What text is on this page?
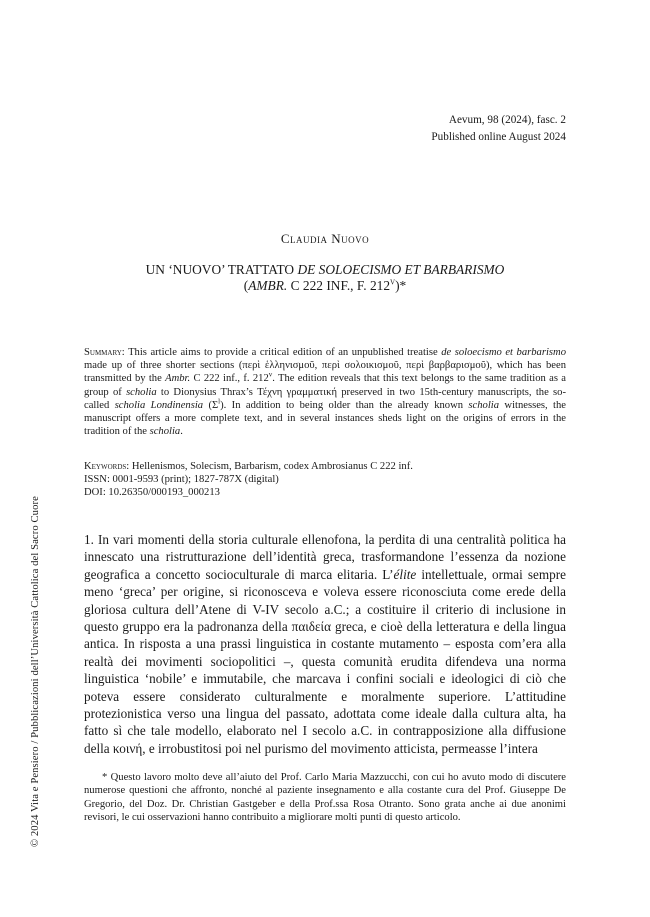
© 2024 Vita e Pensiero / Pubblicazioni dell’Università Cattolica del Sacro Cuore
Aevum, 98 (2024), fasc. 2
Published online August 2024
Claudia Nuovo
UN ‘NUOVO’ TRATTATO DE SOLOECISMO ET BARBARISMO
(AMBR. C 222 INF., F. $212^V)*$
Summary: This article aims to provide a critical edition of an unpublished treatise de soloecismo et barbarismo made up of three shorter sections (περὶ ἑλληνισμοῦ, περὶ σολοικισμοῦ, περὶ βαρβαρισμοῦ), which has been transmitted by the Ambr. C 222 inf., f. 212$^v$. The edition reveals that this text belongs to the same tradition as a group of scholia to Dionysius Thrax’s Τέχνη γραμματική preserved in two 15th-century manuscripts, the so-called scholia Londinensia $(\Sigma^l)$. In addition to being older than the already known scholia witnesses, the manuscript offers a more complete text, and in several instances sheds light on the origins of errors in the tradition of the scholia.
Keywords: Hellenismos, Solecism, Barbarism, codex Ambrosianus C 222 inf.
ISSN: 0001-9593 (print); 1827-787X (digital)
DOI: 10.26350/000193_000213

1. In vari momenti della storia culturale ellenofona, la perdita di una centralità politica ha innescato una ristrutturazione dell’identità greca, trasformandone l’essenza da nozione geografica a concetto socioculturale di marca elitaria. L’élite intellettuale, ormai sempre meno ‘greca’ per origine, si riconosceva e voleva essere riconosciuta come erede della gloriosa cultura dell’Atene di V-IV secolo a.C.; a costituire il criterio di inclusione in questo gruppo era la padronanza della παιδεία greca, e cioè della letteratura e della lingua antica. In risposta a una prassi linguistica in costante mutamento – esposta com’era alla realtà dei movimenti sociopolitici –, questa comunità erudita difendeva una norma linguistica ‘nobile’ e immutabile, che marcava i confini sociali e ideologici di ciò che poteva essere considerato culturalmente e moralmente superiore. L’attitudine protezionistica verso una lingua del passato, adottata come ideale dalla cultura alta, ha fatto sì che tale modello, elaborato nel I secolo a.C. in contrapposizione alla diffusione della κοινή, e irrobustitosi poi nel purismo del movimento atticista, permeasse l’intera

* Questo lavoro molto deve all’aiuto del Prof. Carlo Maria Mazzucchi, con cui ho avuto modo di discutere numerose questioni che affronto, nonché al paziente insegnamento e alla costante cura del Prof. Giuseppe De Gregorio, del Doz. Dr. Christian Gastgeber e della Prof.ssa Rosa Otranto. Sono grata anche ai due anonimi revisori, le cui osservazioni hanno contribuito a migliorare molti punti di questo articolo.
